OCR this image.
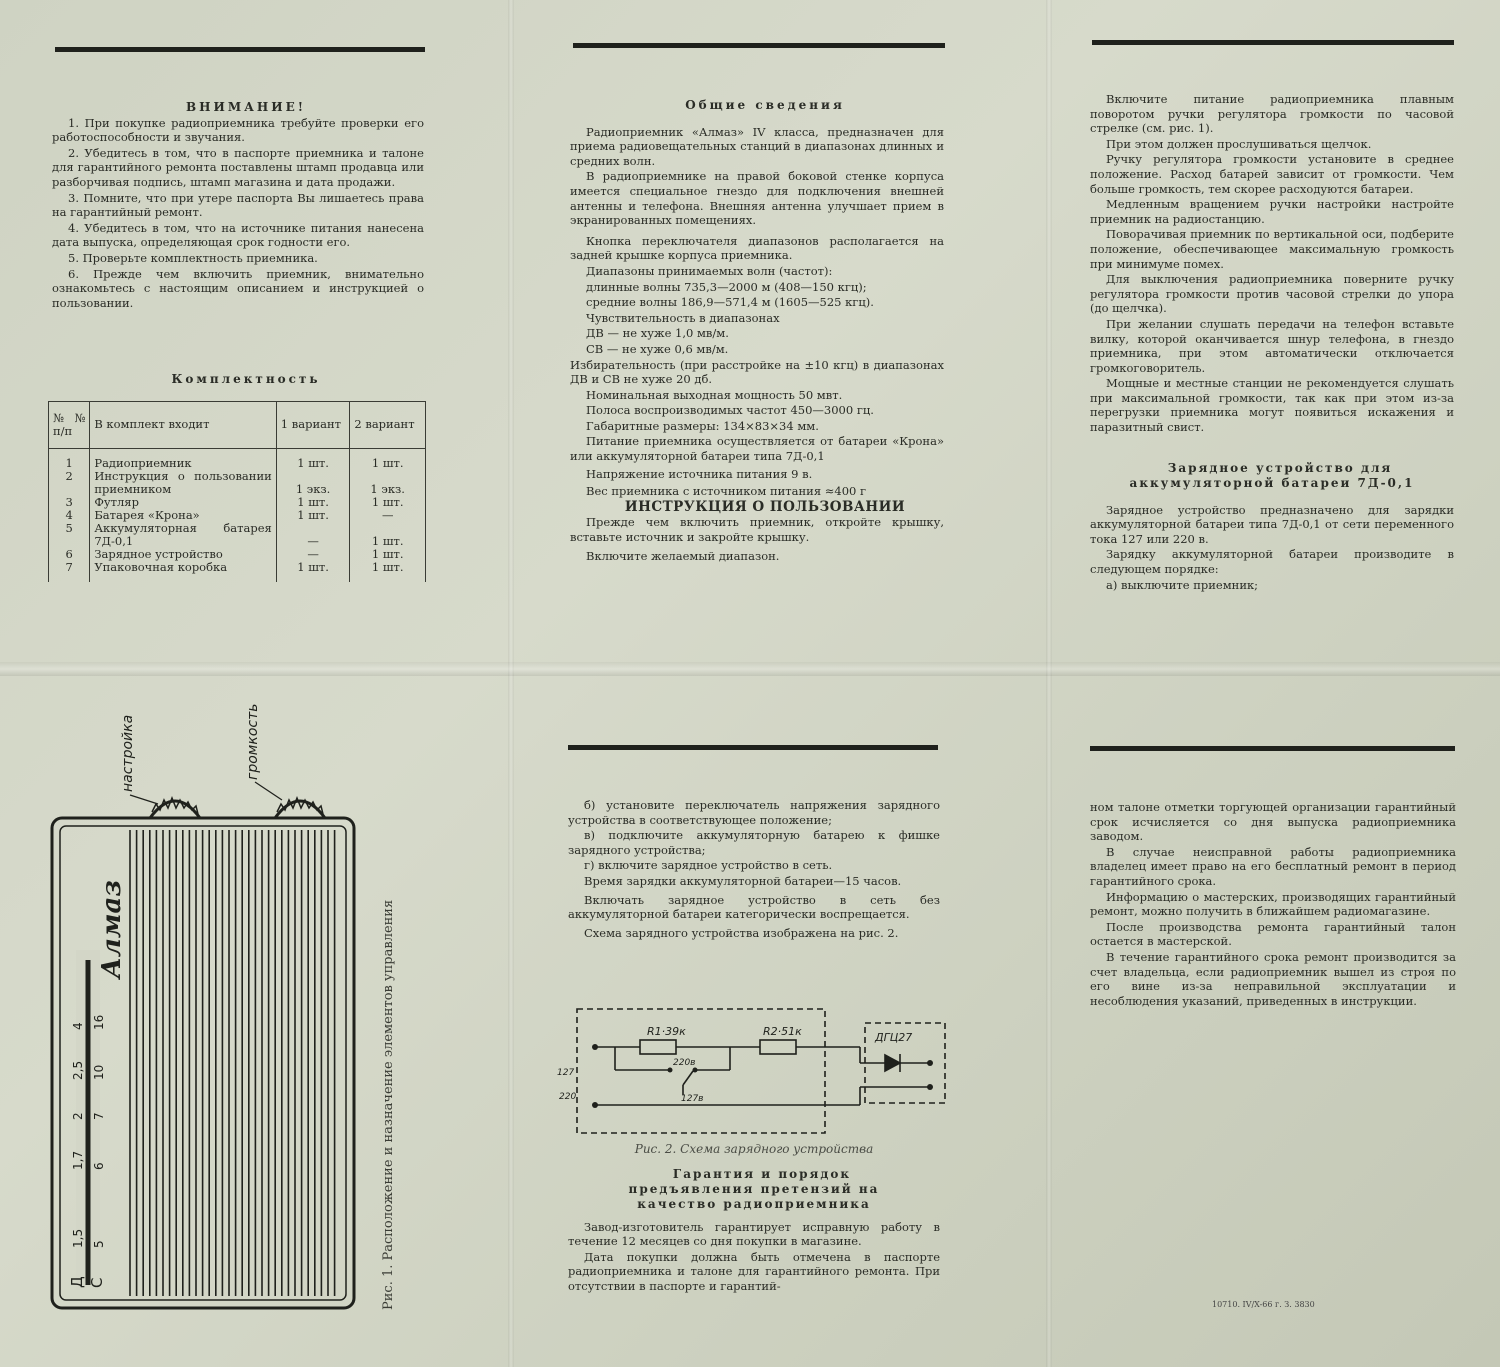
ВНИМАНИЕ!

1. При покупке радиоприемника требуйте проверки его работоспособности и звучания.

2. Убедитесь в том, что в паспорте приемника и талоне для гарантийного ремонта поставлены штамп продавца или разборчивая подпись, штамп магазина и дата продажи.

3. Помните, что при утере паспорта Вы лишаетесь права на гарантийный ремонт.

4. Убедитесь в том, что на источнике питания нанесена дата выпуска, определяющая срок годности его.

5. Проверьте комплектность приемника.

6. Прежде чем включить приемник, внимательно ознакомьтесь с настоящим описанием и инструкцией о пользовании.

Комплектность

№№ п/п	В комплект входит	1 вариант	2 вариант

1	Радиоприемник	1 шт.	1 шт.
2	Инструкция о пользовании приемником	1 экз.	1 экз.
3	Футляр	1 шт.	1 шт.
4	Батарея «Крона»	1 шт.	—
5	Аккумуляторная батарея 7Д-0,1	—	1 шт.
6	Зарядное устройство	—	1 шт.
7	Упаковочная коробка	1 шт.	1 шт.

Общие сведения

Радиоприемник «Алмаз» IV класса, предназначен для приема радиовещательных станций в диапазонах длинных и средних волн.

В радиоприемнике на правой боковой стенке корпуса имеется специальное гнездо для подключения внешней антенны и телефона. Внешняя антенна улучшает прием в экранированных помещениях.

Кнопка переключателя диапазонов располагается на задней крышке корпуса приемника.

Диапазоны принимаемых волн (частот):

длинные волны 735,3—2000 м (408—150 кгц);

средние волны 186,9—571,4 м (1605—525 кгц).

Чувствительность в диапазонах

ДВ — не хуже 1,0 мв/м.

СВ — не хуже 0,6 мв/м.

Избирательность (при расстройке на ±10 кгц) в диапазонах ДВ и СВ не хуже 20 дб.

Номинальная выходная мощность 50 мвт.

Полоса воспроизводимых частот 450—3000 гц.

Габаритные размеры: 134×83×34 мм.

Питание приемника осуществляется от батареи «Крона» или аккумуляторной батареи типа 7Д-0,1

Напряжение источника питания 9 в.

Вес приемника с источником питания ≈400 г

ИНСТРУКЦИЯ О ПОЛЬЗОВАНИИ

Прежде чем включить приемник, откройте крышку, вставьте источник и закройте крышку.

Включите желаемый диапазон.

Включите питание радиоприемника плавным поворотом ручки регулятора громкости по часовой стрелке (см. рис. 1).

При этом должен прослушиваться щелчок.

Ручку регулятора громкости установите в среднее положение. Расход батарей зависит от громкости. Чем больше громкость, тем скорее расходуются батареи.

Медленным вращением ручки настройки настройте приемник на радиостанцию.

Поворачивая приемник по вертикальной оси, подберите положение, обеспечивающее максимальную громкость при минимуме помех.

Для выключения радиоприемника поверните ручку регулятора громкости против часовой стрелки до упора (до щелчка).

При желании слушать передачи на телефон вставьте вилку, которой оканчивается шнур телефона, в гнездо приемника, при этом автоматически отключается громкоговоритель.

Мощные и местные станции не рекомендуется слушать при максимальной громкости, так как при этом из-за перегрузки приемника могут появиться искажения и паразитный свист.

Зарядное устройство для аккумуляторной батареи 7Д-0,1

Зарядное устройство предназначено для зарядки аккумуляторной батареи типа 7Д-0,1 от сети переменного тока 127 или 220 в.

Зарядку аккумуляторной батареи производите в следующем порядке:

а) выключите приемник;

настройка	громкость
Алмаз
Д С
1,5
1,7
2
2,5
4
5
6
7
10
16	Рис. 1. Расположение и назначение элементов управления

б) установите переключатель напряжения зарядного устройства в соответствующее положение;

в) подключите аккумуляторную батарею к фишке зарядного устройства;

г) включите зарядное устройство в сеть.

Время зарядки аккумуляторной батареи—15 часов.

Включать зарядное устройство в сеть без аккумуляторной батареи категорически воспрещается.

Схема зарядного устройства изображена на рис. 2.

R1·39к	R2·51к	ДГЦ27
220в
127в
127
220

Рис. 2. Схема зарядного устройства

Гарантия и порядок предъявления претензий на качество радиоприемника

Завод-изготовитель гарантирует исправную работу в течение 12 месяцев со дня покупки в магазине.

Дата покупки должна быть отмечена в паспорте радиоприемника и талоне для гарантийного ремонта. При отсутствии в паспорте и гарантий-

ном талоне отметки торгующей организации гарантийный срок исчисляется со дня выпуска радиоприемника заводом.

В случае неисправной работы радиоприемника владелец имеет право на его бесплатный ремонт в период гарантийного срока.

Информацию о мастерских, производящих гарантийный ремонт, можно получить в ближайшем радиомагазине.

После производства ремонта гарантийный талон остается в мастерской.

В течение гарантийного срока ремонт производится за счет владельца, если радиоприемник вышел из строя по его вине из-за неправильной эксплуатации и несоблюдения указаний, приведенных в инструкции.

10710. IV/X-66 г. З. 3830
